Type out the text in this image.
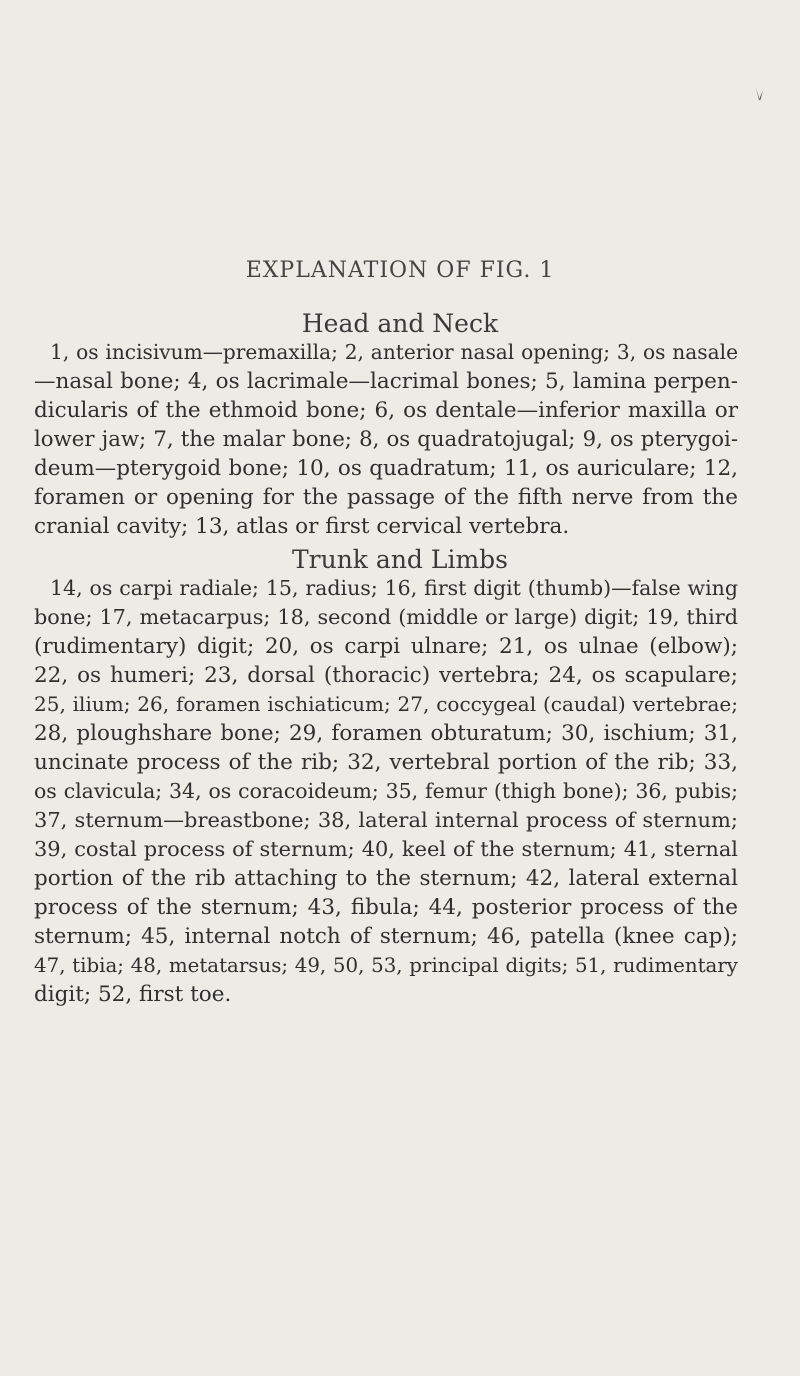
EXPLANATION OF FIG. 1
Head and Neck
1, os incisivum—premaxilla; 2, anterior nasal opening; 3, os nasale
—nasal bone; 4, os lacrimale—lacrimal bones; 5, lamina perpen-
dicularis of the ethmoid bone; 6, os dentale—inferior maxilla or
lower jaw; 7, the malar bone; 8, os quadratojugal; 9, os pterygoi-
deum—pterygoid bone; 10, os quadratum; 11, os auriculare; 12,
foramen or opening for the passage of the fifth nerve from the
cranial cavity; 13, atlas or first cervical vertebra.
Trunk and Limbs
14, os carpi radiale; 15, radius; 16, first digit (thumb)—false wing
bone; 17, metacarpus; 18, second (middle or large) digit; 19, third
(rudimentary) digit; 20, os carpi ulnare; 21, os ulnae (elbow);
22, os humeri; 23, dorsal (thoracic) vertebra; 24, os scapulare;
25, ilium; 26, foramen ischiaticum; 27, coccygeal (caudal) vertebrae;
28, ploughshare bone; 29, foramen obturatum; 30, ischium; 31,
uncinate process of the rib; 32, vertebral portion of the rib; 33,
os clavicula; 34, os coracoideum; 35, femur (thigh bone); 36, pubis;
37, sternum—breastbone; 38, lateral internal process of sternum;
39, costal process of sternum; 40, keel of the sternum; 41, sternal
portion of the rib attaching to the sternum; 42, lateral external
process of the sternum; 43, fibula; 44, posterior process of the
sternum; 45, internal notch of sternum; 46, patella (knee cap);
47, tibia; 48, metatarsus; 49, 50, 53, principal digits; 51, rudimentary
digit; 52, first toe.
